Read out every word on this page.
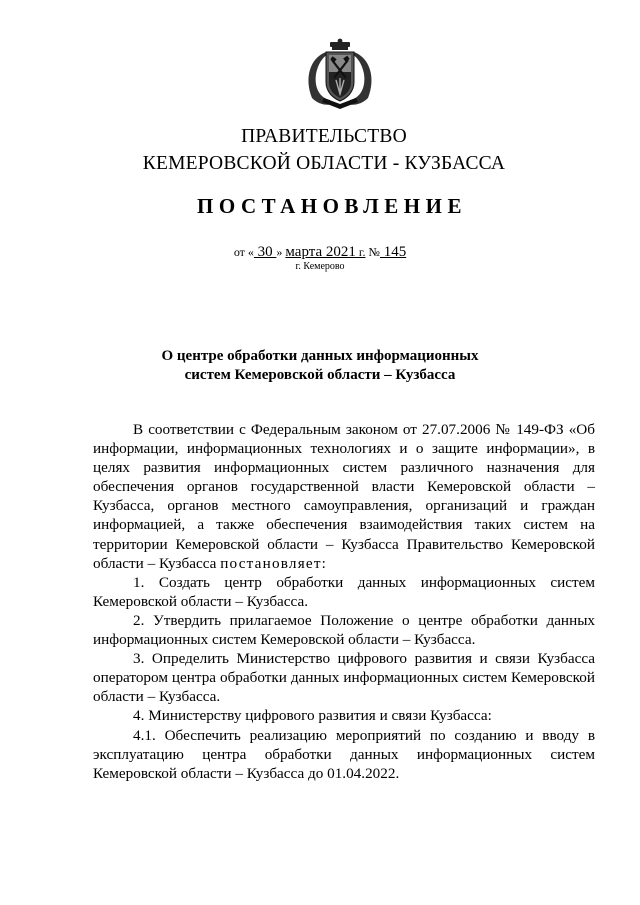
ПРАВИТЕЛЬСТВО
КЕМЕРОВСКОЙ ОБЛАСТИ - КУЗБАССА
ПОСТАНОВЛЕНИЕ
от « 30 » марта 2021 г. № 145
г. Кемерово
О центре обработки данных информационных
систем Кемеровской области – Кузбасса

В соответствии с Федеральным законом от 27.07.2006 № 149-ФЗ «Об информации, информационных технологиях и о защите информации», в целях развития информационных систем различного назначения для обеспечения органов государственной власти Кемеровской области – Кузбасса, органов местного самоуправления, организаций и граждан информацией, а также обеспечения взаимодействия таких систем на территории Кемеровской области – Кузбасса Правительство Кемеровской области – Кузбасса постановляет:

1. Создать центр обработки данных информационных систем Кемеровской области – Кузбасса.

2. Утвердить прилагаемое Положение о центре обработки данных информационных систем Кемеровской области – Кузбасса.

3. Определить Министерство цифрового развития и связи Кузбасса оператором центра обработки данных информационных систем Кемеровской области – Кузбасса.

4. Министерству цифрового развития и связи Кузбасса:

4.1. Обеспечить реализацию мероприятий по созданию и вводу в эксплуатацию центра обработки данных информационных систем Кемеровской области – Кузбасса до 01.04.2022.
